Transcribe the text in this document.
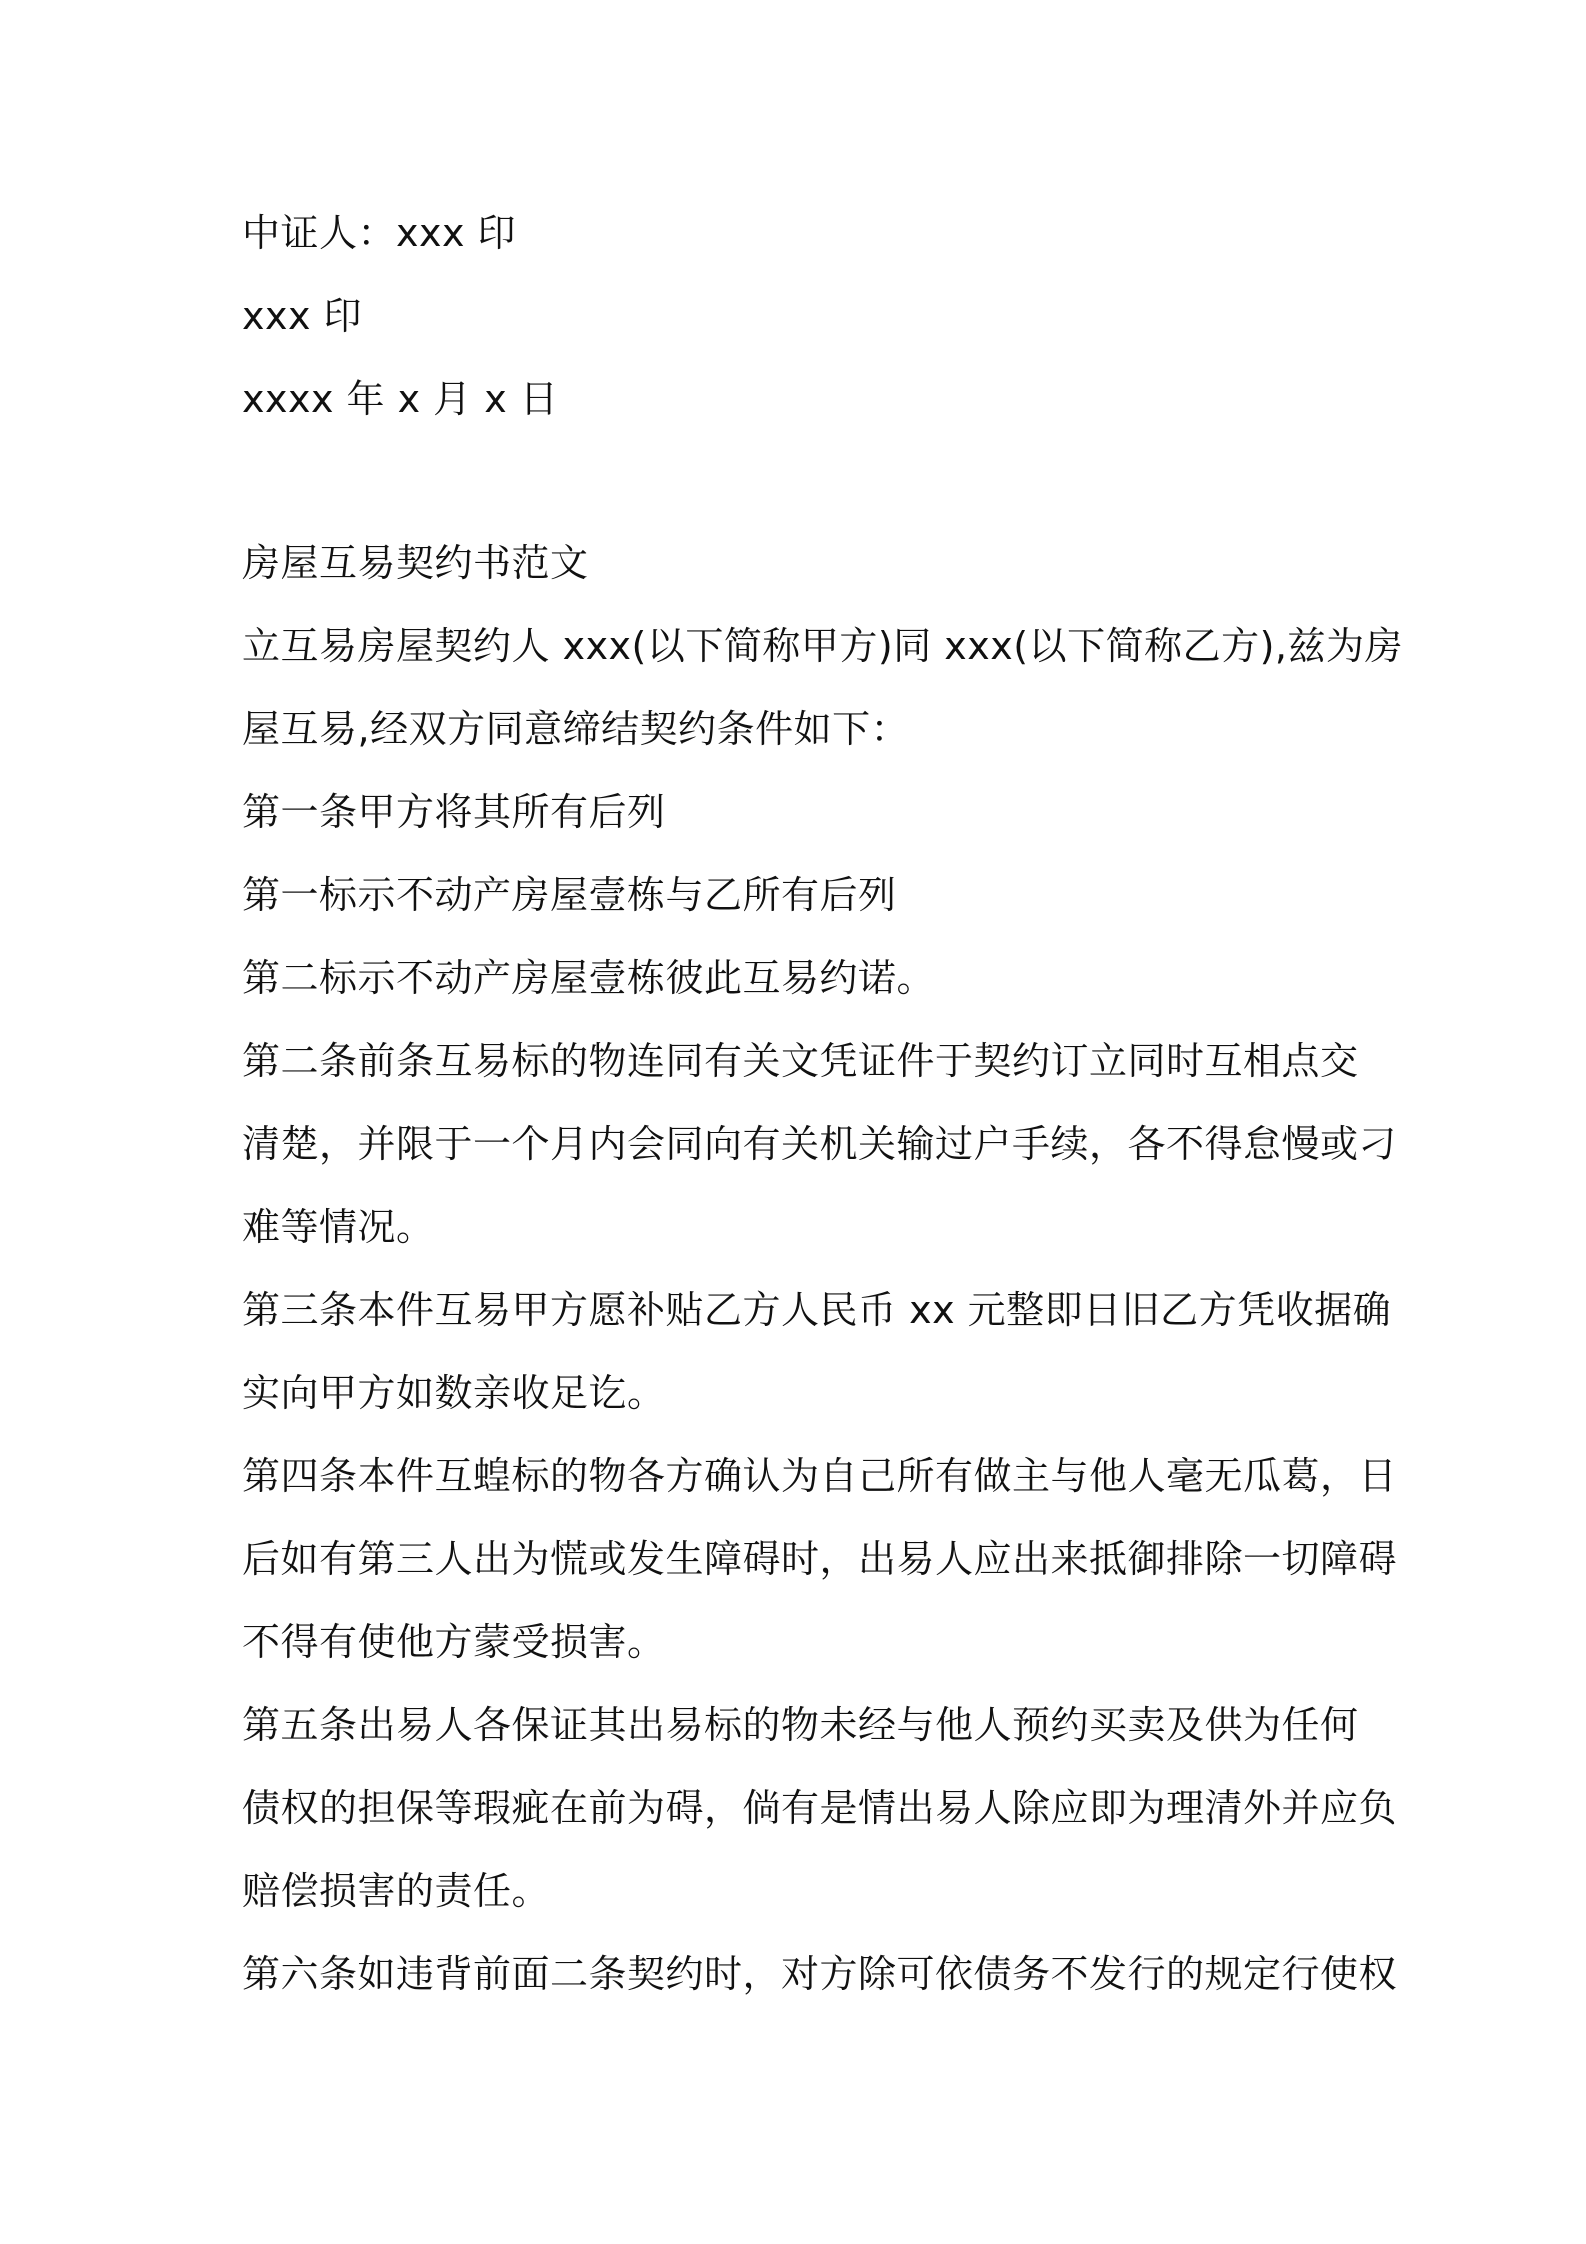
中证人：xxx 印
xxx 印
xxxx 年 x 月 x 日
房屋互易契约书范文
立互易房屋契约人 xxx(以下简称甲方)同 xxx(以下简称乙方),兹为房
屋互易,经双方同意缔结契约条件如下：
第一条甲方将其所有后列
第一标示不动产房屋壹栋与乙所有后列
第二标示不动产房屋壹栋彼此互易约诺。
第二条前条互易标的物连同有关文凭证件于契约订立同时互相点交
清楚，并限于一个月内会同向有关机关输过户手续，各不得怠慢或刁
难等情况。
第三条本件互易甲方愿补贴乙方人民币 xx 元整即日旧乙方凭收据确
实向甲方如数亲收足讫。
第四条本件互蝗标的物各方确认为自己所有做主与他人毫无瓜葛，日
后如有第三人出为慌或发生障碍时，出易人应出来抵御排除一切障碍
不得有使他方蒙受损害。
第五条出易人各保证其出易标的物未经与他人预约买卖及供为任何
债权的担保等瑕疵在前为碍，倘有是情出易人除应即为理清外并应负
赔偿损害的责任。
第六条如违背前面二条契约时，对方除可依债务不发行的规定行使权
